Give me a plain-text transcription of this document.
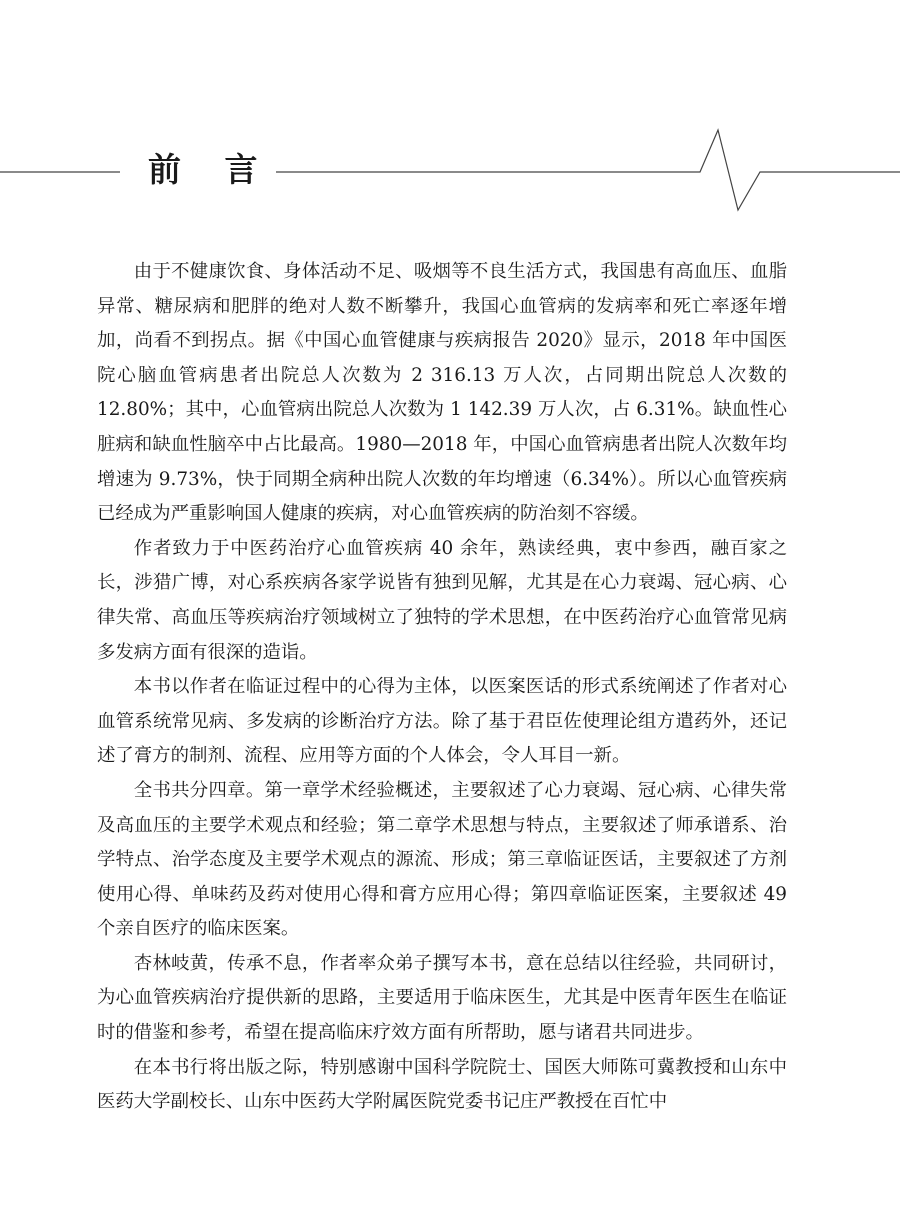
前 言

由于不健康饮食、身体活动不足、吸烟等不良生活方式，我国患有高血压、血脂异常、糖尿病和肥胖的绝对人数不断攀升，我国心血管病的发病率和死亡率逐年增加，尚看不到拐点。据《中国心血管健康与疾病报告 2020》显示，2018 年中国医院心脑血管病患者出院总人次数为 2 316.13 万人次，占同期出院总人次数的 12.80%；其中，心血管病出院总人次数为 1 142.39 万人次，占 6.31%。缺血性心脏病和缺血性脑卒中占比最高。1980—2018 年，中国心血管病患者出院人次数年均增速为 9.73%，快于同期全病种出院人次数的年均增速（6.34%）。所以心血管疾病已经成为严重影响国人健康的疾病，对心血管疾病的防治刻不容缓。

作者致力于中医药治疗心血管疾病 40 余年，熟读经典，衷中参西，融百家之长，涉猎广博，对心系疾病各家学说皆有独到见解，尤其是在心力衰竭、冠心病、心律失常、高血压等疾病治疗领域树立了独特的学术思想，在中医药治疗心血管常见病多发病方面有很深的造诣。

本书以作者在临证过程中的心得为主体，以医案医话的形式系统阐述了作者对心血管系统常见病、多发病的诊断治疗方法。除了基于君臣佐使理论组方遣药外，还记述了膏方的制剂、流程、应用等方面的个人体会，令人耳目一新。

全书共分四章。第一章学术经验概述，主要叙述了心力衰竭、冠心病、心律失常及高血压的主要学术观点和经验；第二章学术思想与特点，主要叙述了师承谱系、治学特点、治学态度及主要学术观点的源流、形成；第三章临证医话，主要叙述了方剂使用心得、单味药及药对使用心得和膏方应用心得；第四章临证医案，主要叙述 49 个亲自医疗的临床医案。

杏林岐黄，传承不息，作者率众弟子撰写本书，意在总结以往经验，共同研讨，为心血管疾病治疗提供新的思路，主要适用于临床医生，尤其是中医青年医生在临证时的借鉴和参考，希望在提高临床疗效方面有所帮助，愿与诸君共同进步。

在本书行将出版之际，特别感谢中国科学院院士、国医大师陈可冀教授和山东中医药大学副校长、山东中医药大学附属医院党委书记庄严教授在百忙中
